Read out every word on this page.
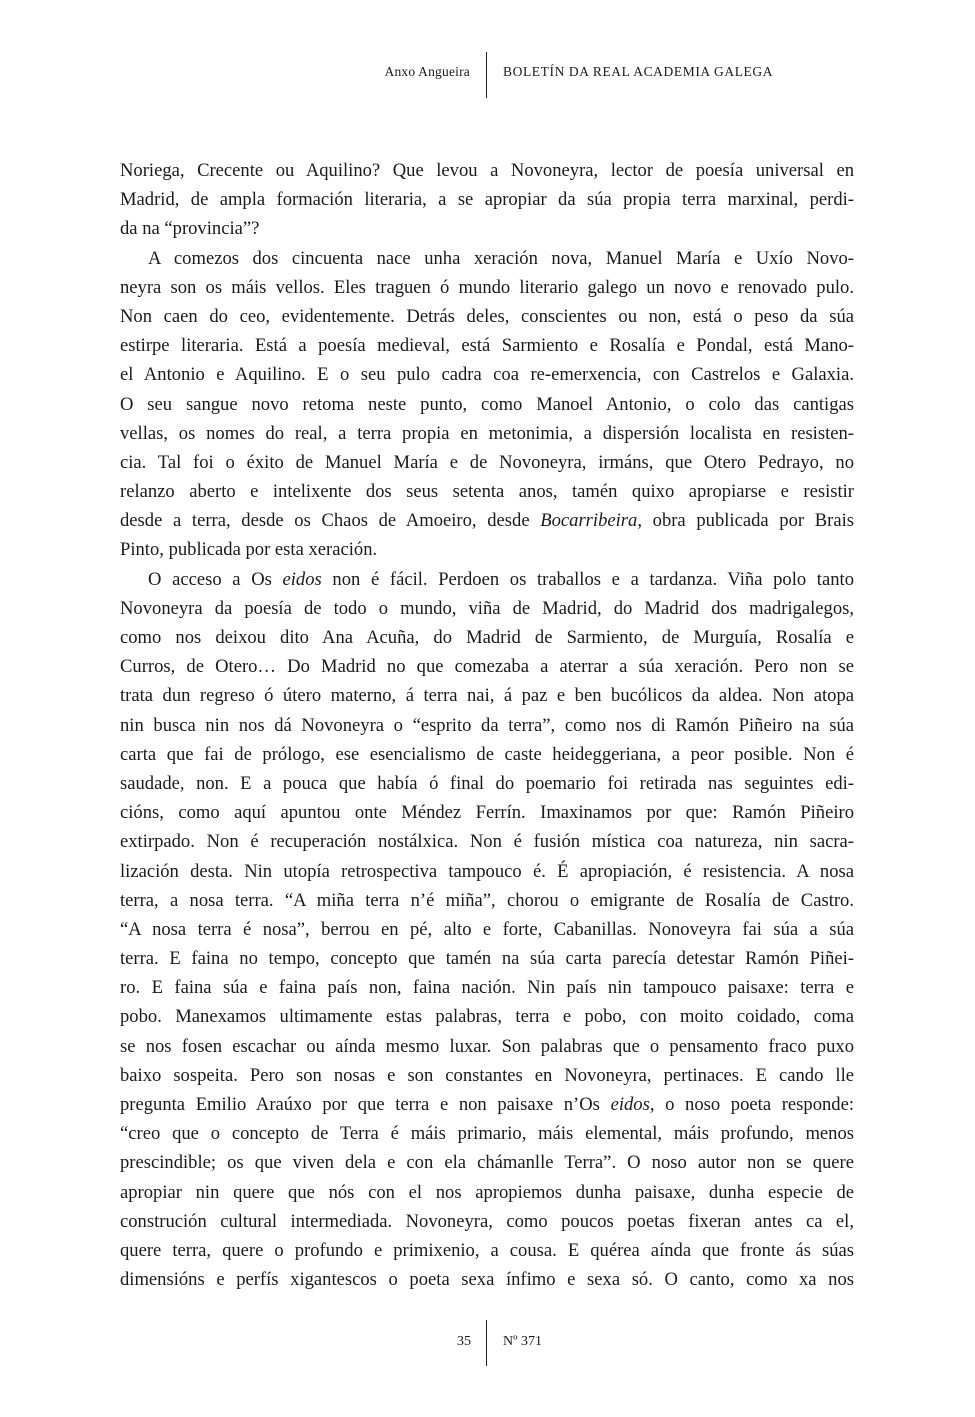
Anxo Angueira BOLETÍN DA REAL ACADEMIA GALEGA
Noriega, Crecente ou Aquilino? Que levou a Novoneyra, lector de poesía universal en
Madrid, de ampla formación literaria, a se apropiar da súa propia terra marxinal, perdi-
da na “provincia”?
A comezos dos cincuenta nace unha xeración nova, Manuel María e Uxío Novo-
neyra son os máis vellos. Eles traguen ó mundo literario galego un novo e renovado pulo.
Non caen do ceo, evidentemente. Detrás deles, conscientes ou non, está o peso da súa
estirpe literaria. Está a poesía medieval, está Sarmiento e Rosalía e Pondal, está Mano-
el Antonio e Aquilino. E o seu pulo cadra coa re-emerxencia, con Castrelos e Galaxia.
O seu sangue novo retoma neste punto, como Manoel Antonio, o colo das cantigas
vellas, os nomes do real, a terra propia en metonimia, a dispersión localista en resisten-
cia. Tal foi o éxito de Manuel María e de Novoneyra, irmáns, que Otero Pedrayo, no
relanzo aberto e intelixente dos seus setenta anos, tamén quixo apropiarse e resistir
desde a terra, desde os Chaos de Amoeiro, desde Bocarribeira, obra publicada por Brais
Pinto, publicada por esta xeración.
O acceso a Os eidos non é fácil. Perdoen os traballos e a tardanza. Viña polo tanto
Novoneyra da poesía de todo o mundo, viña de Madrid, do Madrid dos madrigalegos,
como nos deixou dito Ana Acuña, do Madrid de Sarmiento, de Murguía, Rosalía e
Curros, de Otero… Do Madrid no que comezaba a aterrar a súa xeración. Pero non se
trata dun regreso ó útero materno, á terra nai, á paz e ben bucólicos da aldea. Non atopa
nin busca nin nos dá Novoneyra o “esprito da terra”, como nos di Ramón Piñeiro na súa
carta que fai de prólogo, ese esencialismo de caste heideggeriana, a peor posible. Non é
saudade, non. E a pouca que había ó final do poemario foi retirada nas seguintes edi-
cións, como aquí apuntou onte Méndez Ferrín. Imaxinamos por que: Ramón Piñeiro
extirpado. Non é recuperación nostálxica. Non é fusión mística coa natureza, nin sacra-
lización desta. Nin utopía retrospectiva tampouco é. É apropiación, é resistencia. A nosa
terra, a nosa terra. “A miña terra n’é miña”, chorou o emigrante de Rosalía de Castro.
“A nosa terra é nosa”, berrou en pé, alto e forte, Cabanillas. Nonoveyra fai súa a súa
terra. E faina no tempo, concepto que tamén na súa carta parecía detestar Ramón Piñei-
ro. E faina súa e faina país non, faina nación. Nin país nin tampouco paisaxe: terra e
pobo. Manexamos ultimamente estas palabras, terra e pobo, con moito coidado, coma
se nos fosen escachar ou aínda mesmo luxar. Son palabras que o pensamento fraco puxo
baixo sospeita. Pero son nosas e son constantes en Novoneyra, pertinaces. E cando lle
pregunta Emilio Araúxo por que terra e non paisaxe n’Os eidos, o noso poeta responde:
“creo que o concepto de Terra é máis primario, máis elemental, máis profundo, menos
prescindible; os que viven dela e con ela chámanlle Terra”. O noso autor non se quere
apropiar nin quere que nós con el nos apropiemos dunha paisaxe, dunha especie de
construción cultural intermediada. Novoneyra, como poucos poetas fixeran antes ca el,
quere terra, quere o profundo e primixenio, a cousa. E quérea aínda que fronte ás súas
dimensións e perfís xigantescos o poeta sexa ínfimo e sexa só. O canto, como xa nos
35 Nº 371
